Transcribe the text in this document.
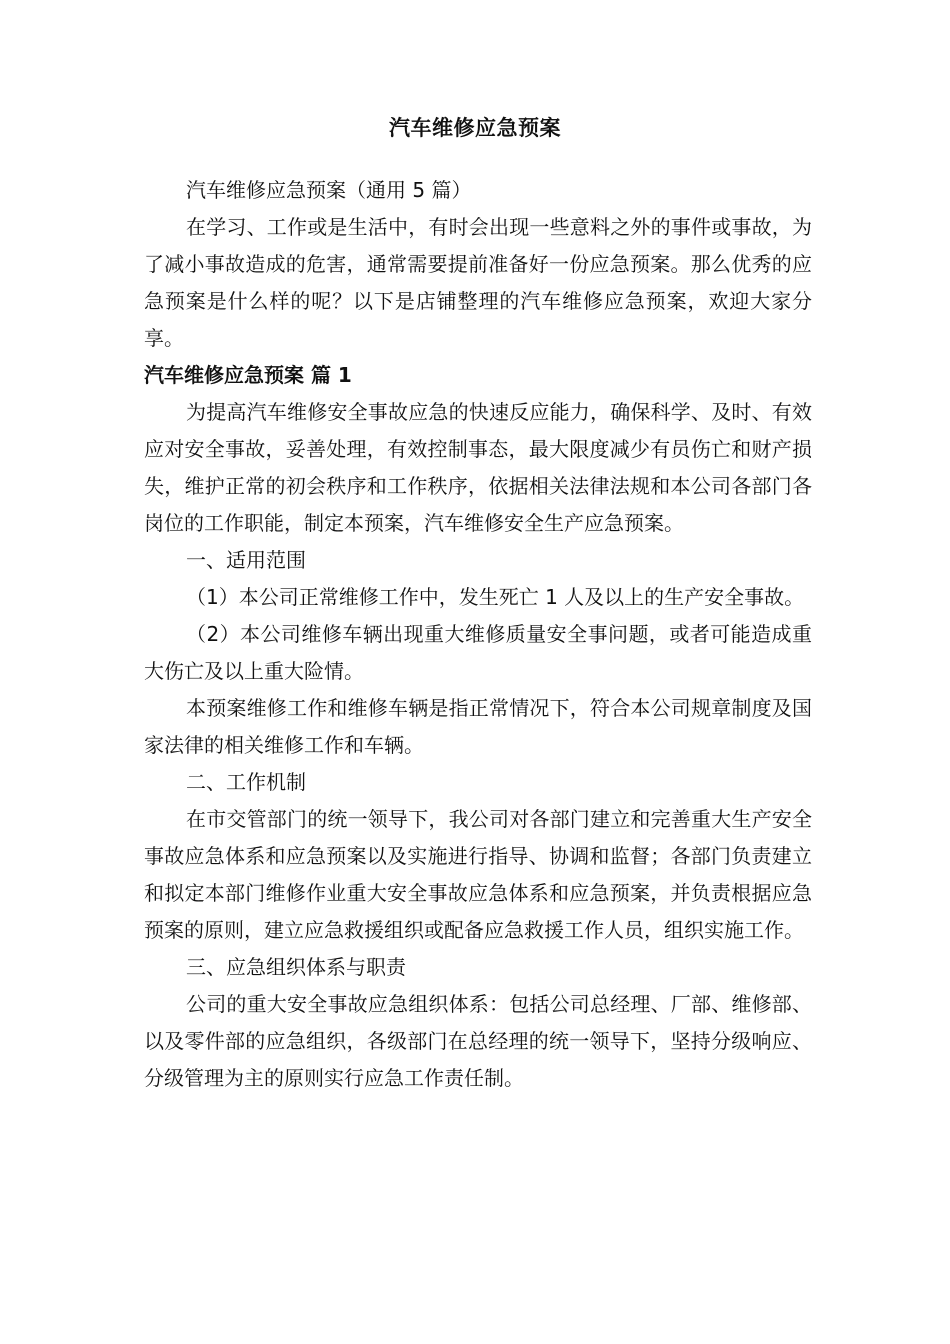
汽车维修应急预案

汽车维修应急预案（通用 5 篇）

在学习、工作或是生活中，有时会出现一些意料之外的事件或事故，为了减小事故造成的危害，通常需要提前准备好一份应急预案。那么优秀的应急预案是什么样的呢？以下是店铺整理的汽车维修应急预案，欢迎大家分享。

汽车维修应急预案 篇 1

为提高汽车维修安全事故应急的快速反应能力，确保科学、及时、有效应对安全事故，妥善处理，有效控制事态，最大限度减少有员伤亡和财产损失，维护正常的初会秩序和工作秩序，依据相关法律法规和本公司各部门各岗位的工作职能，制定本预案，汽车维修安全生产应急预案。

一、适用范围

（1）本公司正常维修工作中，发生死亡 1 人及以上的生产安全事故。

（2）本公司维修车辆出现重大维修质量安全事问题，或者可能造成重大伤亡及以上重大险情。

本预案维修工作和维修车辆是指正常情况下，符合本公司规章制度及国家法律的相关维修工作和车辆。

二、工作机制

在市交管部门的统一领导下，我公司对各部门建立和完善重大生产安全事故应急体系和应急预案以及实施进行指导、协调和监督；各部门负责建立和拟定本部门维修作业重大安全事故应急体系和应急预案，并负责根据应急预案的原则，建立应急救援组织或配备应急救援工作人员，组织实施工作。

三、应急组织体系与职责

公司的重大安全事故应急组织体系：包括公司总经理、厂部、维修部、以及零件部的应急组织，各级部门在总经理的统一领导下，坚持分级响应、分级管理为主的原则实行应急工作责任制。
